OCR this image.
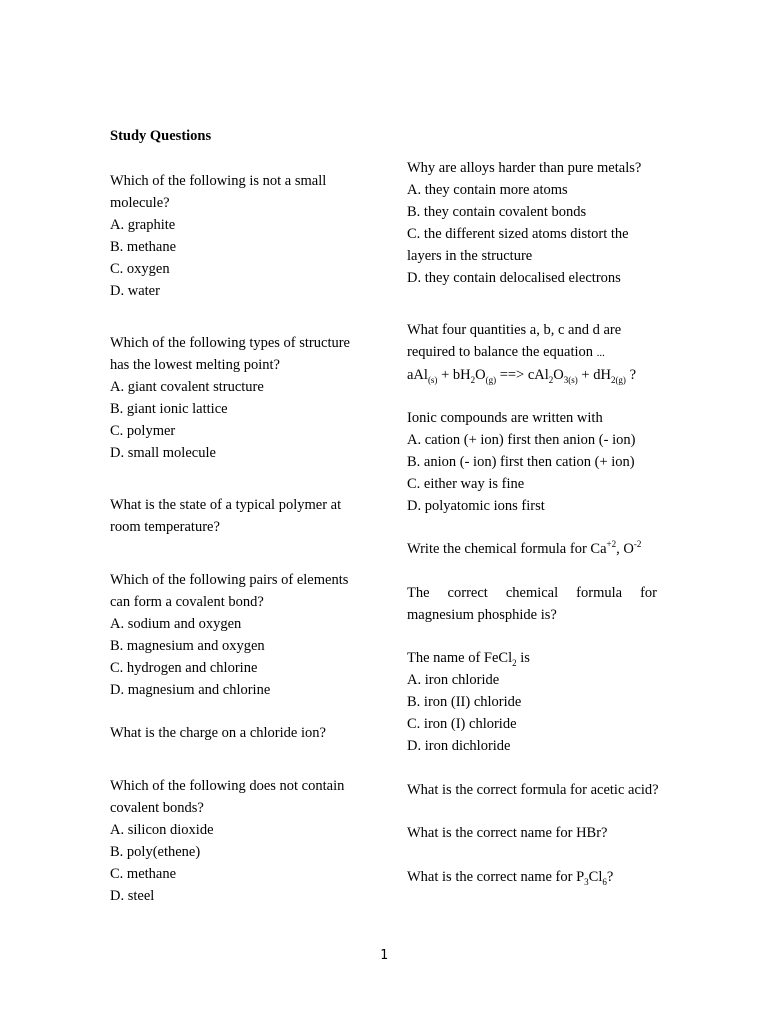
Study Questions
Which of the following is not a small
molecule?
A. graphite
B. methane
C. oxygen
D. water
Which of the following types of structure
has the lowest melting point?
A. giant covalent structure
B. giant ionic lattice
C. polymer
D. small molecule
What is the state of a typical polymer at
room temperature?
Which of the following pairs of elements
can form a covalent bond?
A. sodium and oxygen
B. magnesium and oxygen
C. hydrogen and chlorine
D. magnesium and chlorine
What is the charge on a chloride ion?
Which of the following does not contain
covalent bonds?
A. silicon dioxide
B. poly(ethene)
C. methane
D. steel
Why are alloys harder than pure metals?
A. they contain more atoms
B. they contain covalent bonds
C. the different sized atoms distort the
layers in the structure
D. they contain delocalised electrons
What four quantities a, b, c and d are
required to balance the equation ...
$aAl_{(s)} + bH_2O_{(g)}$ ==> $cAl_2O_{3(s)} + dH_{2(g)}$ ?
Ionic compounds are written with
A. cation (+ ion) first then anion (- ion)
B. anion (- ion) first then cation (+ ion)
C. either way is fine
D. polyatomic ions first
Write the chemical formula for $Ca^{+2}$, $O^{-2}$
The correct chemical formula for
magnesium phosphide is?
The name of FeCl$_2$ is
A. iron chloride
B. iron (II) chloride
C. iron (I) chloride
D. iron dichloride
What is the correct formula for acetic acid?
What is the correct name for HBr?
What is the correct name for $P_3Cl_6$?
1
